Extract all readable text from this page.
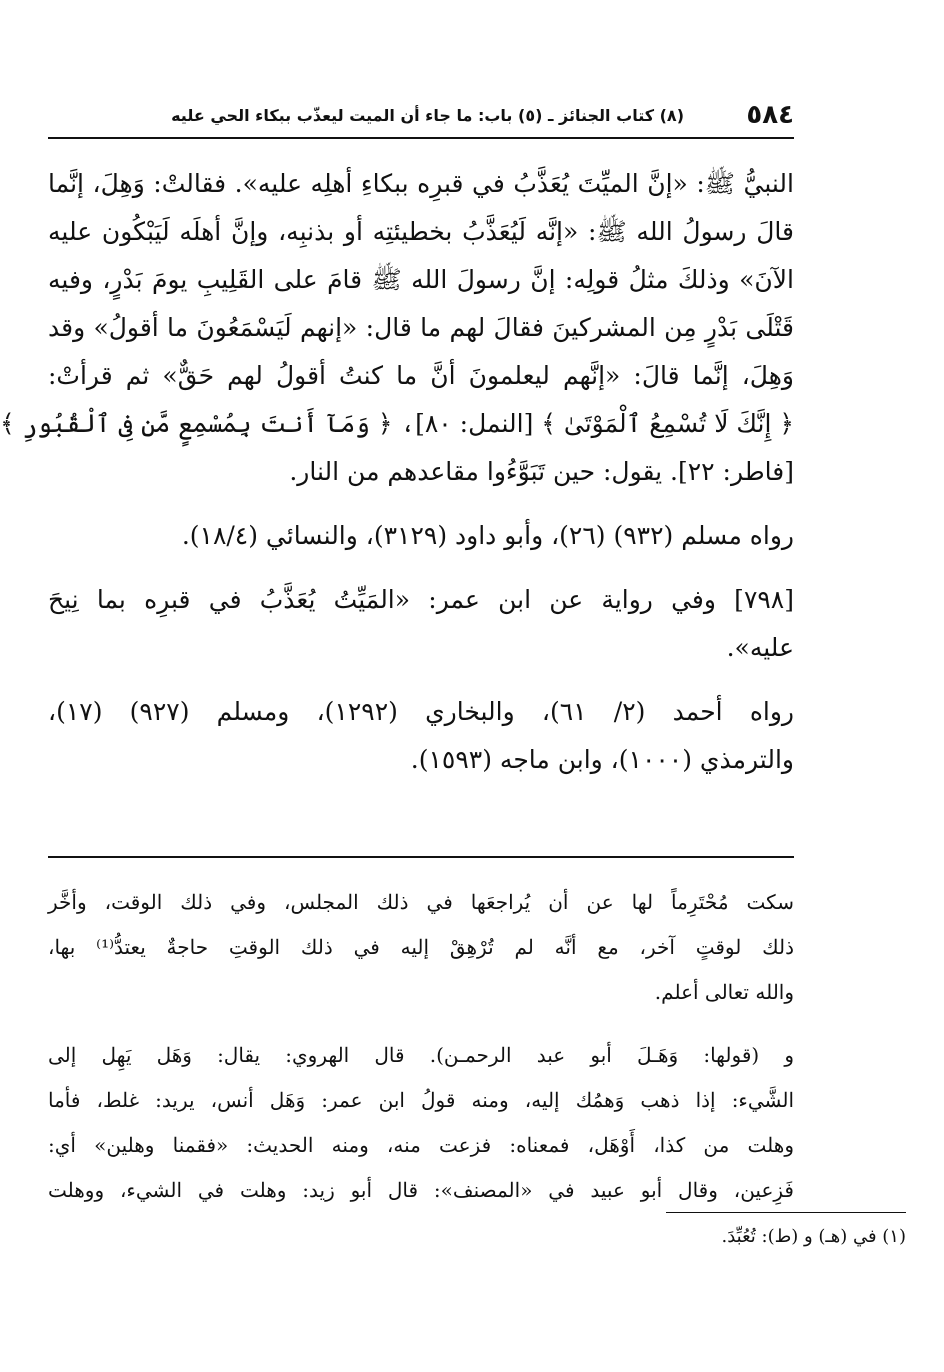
٥٨٤
(٨) كتاب الجنائز ـ (٥) باب: ما جاء أن الميت ليعذّب ببكاء الحي عليه

النبيُّ ﷺ: «إنَّ الميِّتَ يُعَذَّبُ في قبرِه ببكاءِ أهلِه عليه». فقالتْ: وَهِلَ، إنَّما
قالَ رسولُ الله ﷺ: «إنَّه لَيُعَذَّبُ بخطيئتِه أو بذنبِه، وإنَّ أهلَه لَيَبْكُون عليه
الآنَ» وذلكَ مثلُ قولِه: إنَّ رسولَ الله ﷺ قامَ على القَلِيبِ يومَ بَدْرٍ، وفيه
قَتْلَى بَدْرٍ مِن المشركينَ فقالَ لهم ما قال: «إنهم لَيَسْمَعُونَ ما أقولُ» وقد
وَهِلَ، إنَّما قالَ: «إنَّهم ليعلمونَ أنَّ ما كنتُ أقولُ لهم حَقٌّ» ثم قرأتْ:
﴿ إِنَّكَ لَا تُسْمِعُ ٱلْمَوْتَىٰ ﴾ [النمل: ٨٠]، ﴿ وَمَآ أَنتَ بِمُسْمِعٍ مَّن فِى ٱلْقُبُورِ ﴾
[فاطر: ٢٢]. يقول: حين تَبَوَّءُوا مقاعدهم من النار.

رواه مسلم (٩٣٢) (٢٦)، وأبو داود (٣١٢٩)، والنسائي (١٨/٤).

[٧٩٨] وفي رواية عن ابن عمر: «المَيِّتُ يُعَذَّبُ في قبرِه بما نِيحَ
عليه».

رواه أحمد (٢/ ٦١)، والبخاري (١٢٩٢)، ومسلم (٩٢٧) (١٧)،
والترمذي (١٠٠٠)، وابن ماجه (١٥٩٣).

سكت مُحْتَرِماً لها عن أن يُراجعَها في ذلك المجلس، وفي ذلك الوقت، وأخَّر
ذلك لوقتٍ آخر، مع أنَّه لم تُرْهِقْ إليه في ذلك الوقتِ حاجةٌ يعتدُّ⁽¹⁾ بها،
والله تعالى أعلم.

و (قولها: وَهَـلَ أبو عبد الرحمـن). قال الهروي: يقال: وَهَل يَهِل إلى
الشَّيء: إذا ذهب وَهمُك إليه، ومنه قولُ ابن عمر: وَهَل أنس، يريد: غلط، فأما
وهلت من كذا، أَوْهَل، فمعناه: فزعت منه، ومنه الحديث: «فقمنا وهلين» أي:
فَزِعين، وقال أبو عبيد في «المصنف»: قال أبو زيد: وهلت في الشيء، ووهلت

(١) في (هـ) و (ط): تُعُبِّدَ.
